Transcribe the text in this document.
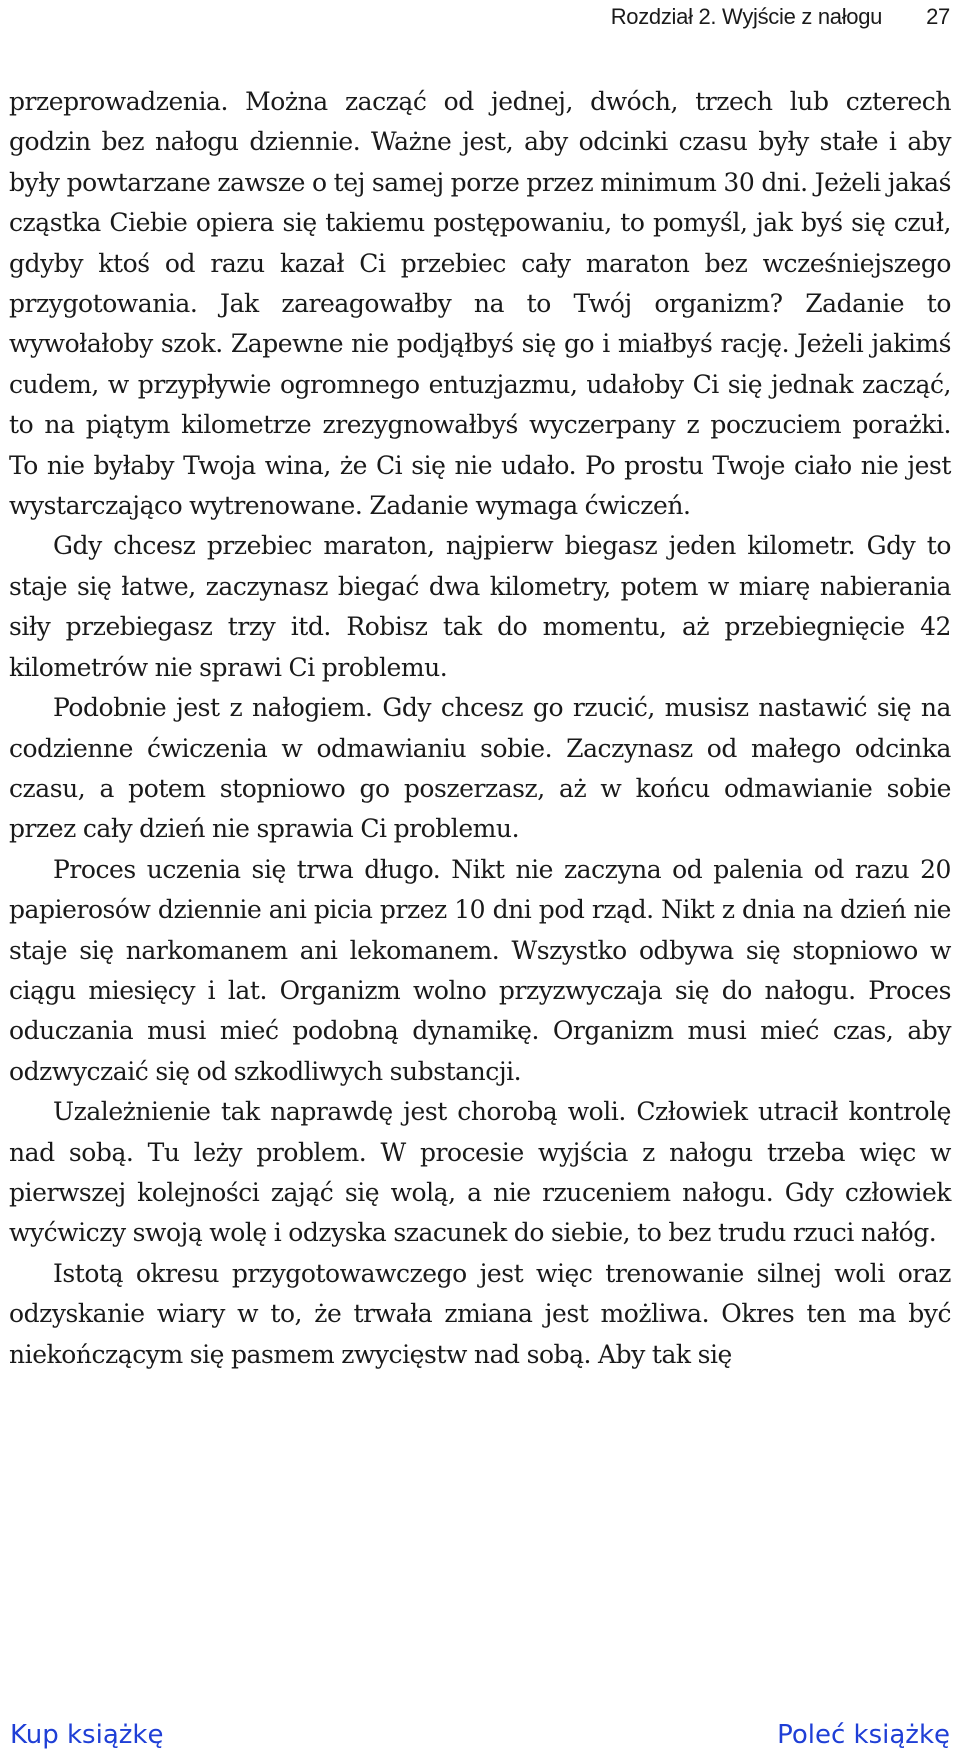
Rozdział 2. Wyjście z nałogu 27

przeprowadzenia. Można zacząć od jednej, dwóch, trzech lub czterech godzin bez nałogu dziennie. Ważne jest, aby odcinki czasu były stałe i aby były powtarzane zawsze o tej samej porze przez minimum 30 dni. Jeżeli jakaś cząstka Ciebie opiera się takiemu postępowaniu, to pomyśl, jak byś się czuł, gdyby ktoś od razu kazał Ci przebiec cały maraton bez wcześniejszego przygotowania. Jak zareagowałby na to Twój organizm? Zadanie to wywołałoby szok. Zapewne nie podjąłbyś się go i miałbyś rację. Jeżeli jakimś cudem, w przypływie ogromnego entuzjazmu, udałoby Ci się jednak zacząć, to na piątym kilometrze zrezygnowałbyś wyczerpany z poczuciem porażki. To nie byłaby Twoja wina, że Ci się nie udało. Po prostu Twoje ciało nie jest wystarczająco wytrenowane. Zadanie wymaga ćwiczeń.

Gdy chcesz przebiec maraton, najpierw biegasz jeden kilometr. Gdy to staje się łatwe, zaczynasz biegać dwa kilometry, potem w miarę nabierania siły przebiegasz trzy itd. Robisz tak do momentu, aż przebiegnięcie 42 kilometrów nie sprawi Ci problemu.

Podobnie jest z nałogiem. Gdy chcesz go rzucić, musisz nastawić się na codzienne ćwiczenia w odmawianiu sobie. Zaczynasz od małego odcinka czasu, a potem stopniowo go poszerzasz, aż w końcu odmawianie sobie przez cały dzień nie sprawia Ci problemu.

Proces uczenia się trwa długo. Nikt nie zaczyna od palenia od razu 20 papierosów dziennie ani picia przez 10 dni pod rząd. Nikt z dnia na dzień nie staje się narkomanem ani lekomanem. Wszystko odbywa się stopniowo w ciągu miesięcy i lat. Organizm wolno przyzwyczaja się do nałogu. Proces oduczania musi mieć podobną dynamikę. Organizm musi mieć czas, aby odzwyczaić się od szkodliwych substancji.

Uzależnienie tak naprawdę jest chorobą woli. Człowiek utracił kontrolę nad sobą. Tu leży problem. W procesie wyjścia z nałogu trzeba więc w pierwszej kolejności zająć się wolą, a nie rzuceniem nałogu. Gdy człowiek wyćwiczy swoją wolę i odzyska szacunek do siebie, to bez trudu rzuci nałóg.

Istotą okresu przygotowawczego jest więc trenowanie silnej woli oraz odzyskanie wiary w to, że trwała zmiana jest możliwa. Okres ten ma być niekończącym się pasmem zwycięstw nad sobą. Aby tak się

Kup książkę	Poleć książkę
